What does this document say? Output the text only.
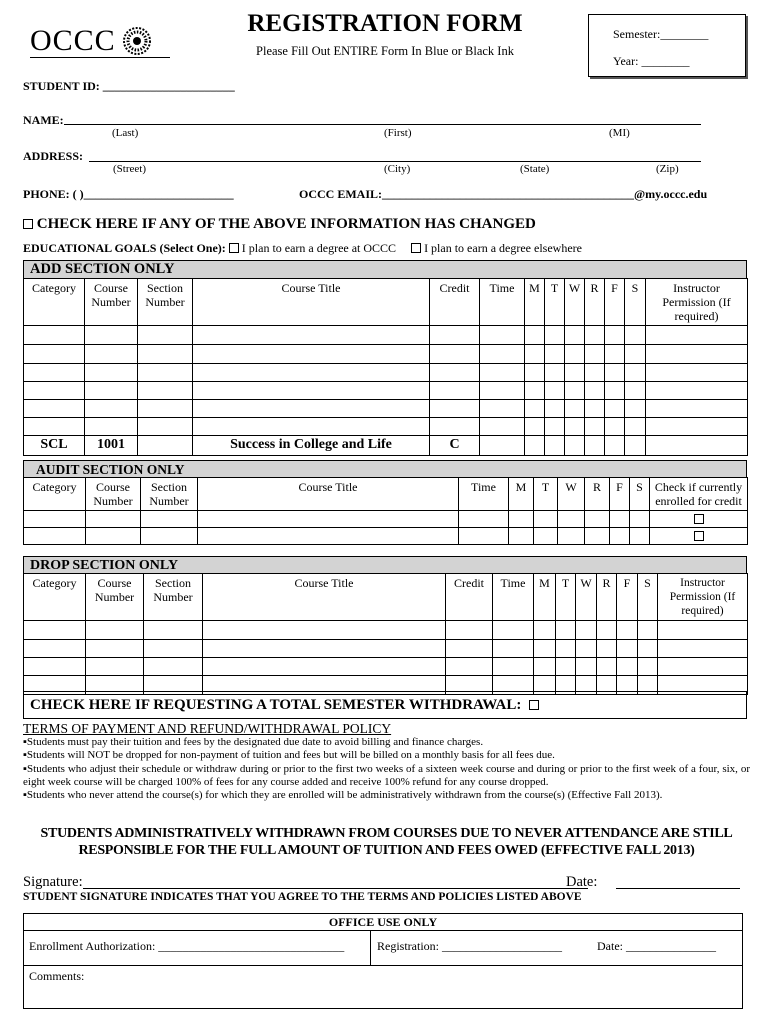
OCCC
REGISTRATION FORM
Please Fill Out ENTIRE Form In Blue or Black Ink
Semester:________
Year: ________
STUDENT ID: ______________________
NAME:
(Last)	(First)	(MI)
ADDRESS:
(Street)	(City)	(State)	(Zip)
PHONE: ( )_________________________	OCCC EMAIL:__________________________________________@my.occc.edu
CHECK HERE IF ANY OF THE ABOVE INFORMATION HAS CHANGED
EDUCATIONAL GOALS (Select One): I plan to earn a degree at OCCC I plan to earn a degree elsewhere
ADD SECTION ONLY
Category	Course Number	Section Number	Course Title	Credit	Time	M	T	W	R	F	S	Instructor Permission (If required)

SCL	1001		Success in College and Life	C								
AUDIT SECTION ONLY
Category	Course Number	Section Number	Course Title	Time	M	T	W	R	F	S	Check if currently enrolled for credit

DROP SECTION ONLY
Category	Course Number	Section Number	Course Title	Credit	Time	M	T	W	R	F	S	Instructor Permission (If required)

CHECK HERE IF REQUESTING A TOTAL SEMESTER WITHDRAWAL:
TERMS OF PAYMENT AND REFUND/WITHDRAWAL POLICY
▪Students must pay their tuition and fees by the designated due date to avoid billing and finance charges.
▪Students will NOT be dropped for non-payment of tuition and fees but will be billed on a monthly basis for all fees due.
▪Students who adjust their schedule or withdraw during or prior to the first two weeks of a sixteen week course and during or prior to the first week of a four, six, or eight week course will be charged 100% of fees for any course added and receive 100% refund for any course dropped.
▪Students who never attend the course(s) for which they are enrolled will be administratively withdrawn from the course(s) (Effective Fall 2013).
STUDENTS ADMINISTRATIVELY WITHDRAWN FROM COURSES DUE TO NEVER ATTENDANCE ARE STILL
RESPONSIBLE FOR THE FULL AMOUNT OF TUITION AND FEES OWED (EFFECTIVE FALL 2013)
Signature:	Date:
STUDENT SIGNATURE INDICATES THAT YOU AGREE TO THE TERMS AND POLICIES LISTED ABOVE
OFFICE USE ONLY
Enrollment Authorization: _______________________________	Registration: ____________________	Date: _______________
Comments:
